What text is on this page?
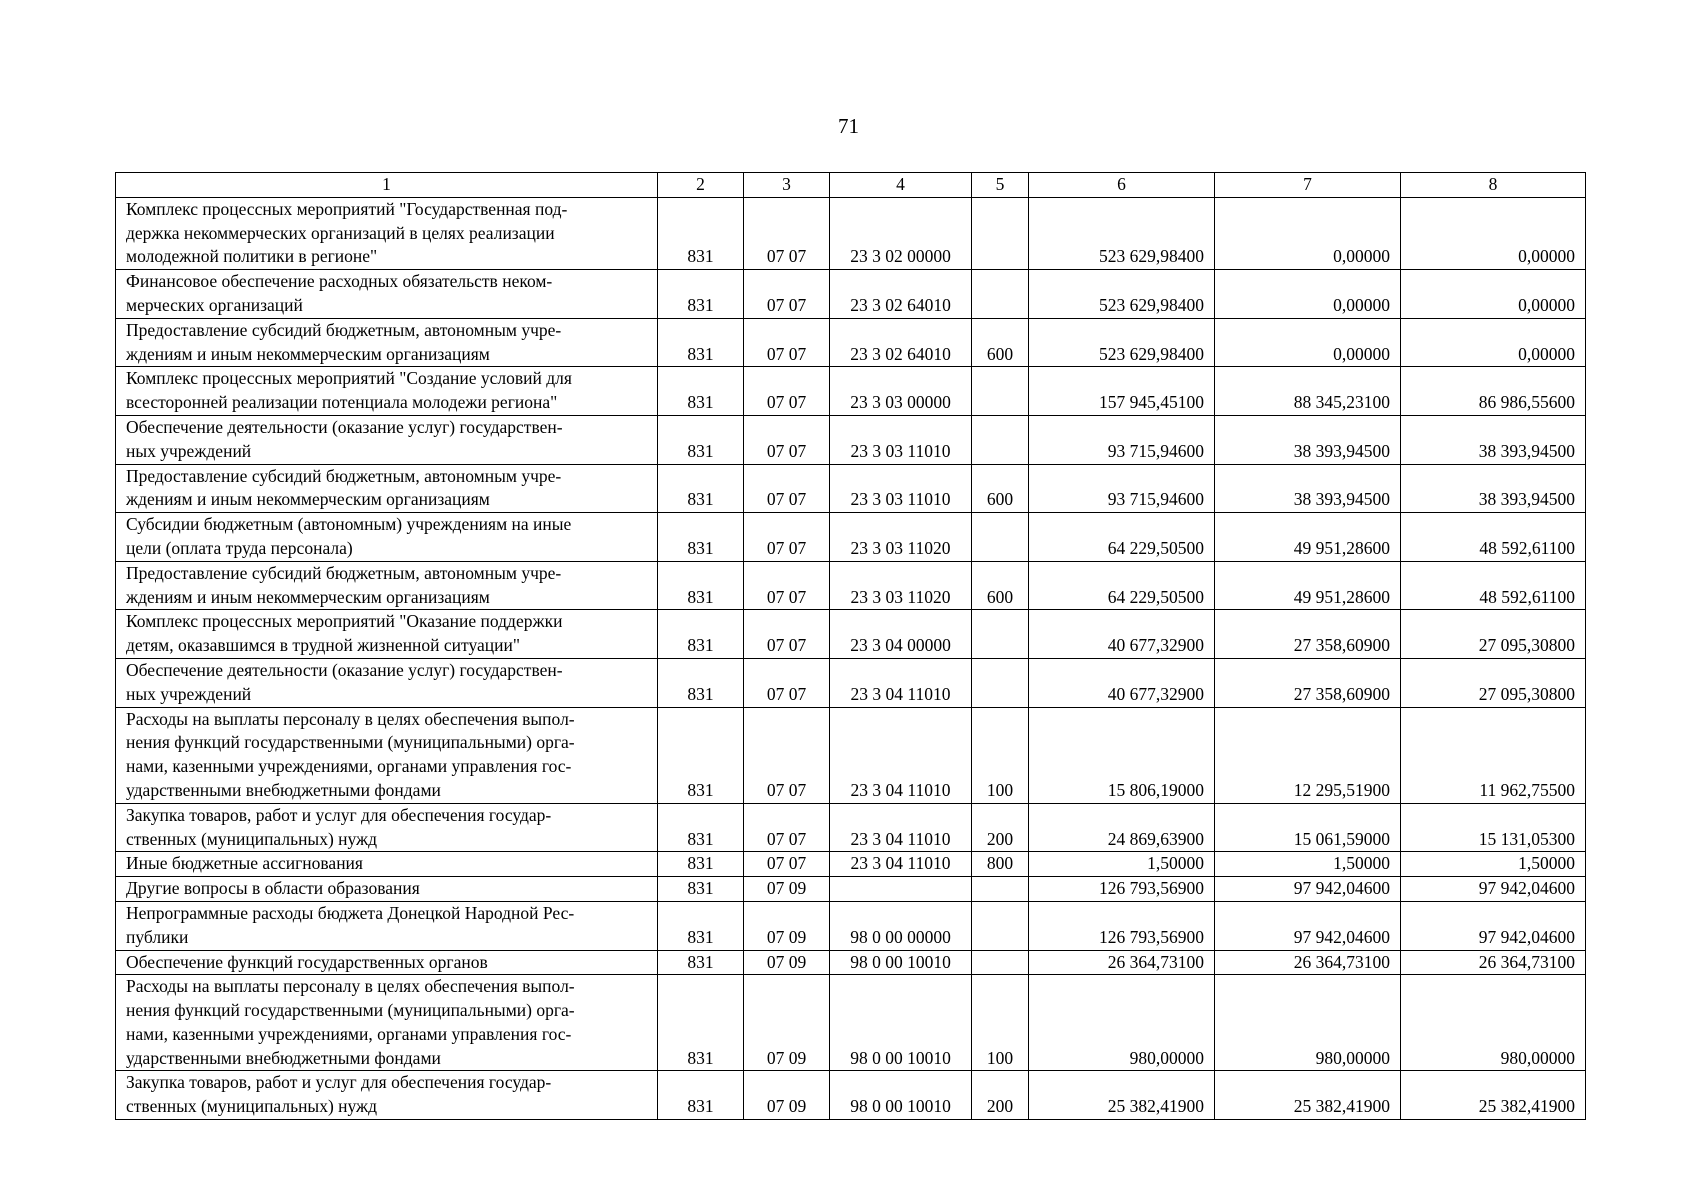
71
1	2	3	4	5	6	7	8
Комплекс процессных мероприятий "Государственная под-
держка некоммерческих организаций в целях реализации
молодежной политики в регионе"	831	07 07	23 3 02 00000		523 629,98400	0,00000	0,00000
Финансовое обеспечение расходных обязательств неком-
мерческих организаций	831	07 07	23 3 02 64010		523 629,98400	0,00000	0,00000
Предоставление субсидий бюджетным, автономным учре-
ждениям и иным некоммерческим организациям	831	07 07	23 3 02 64010	600	523 629,98400	0,00000	0,00000
Комплекс процессных мероприятий "Создание условий для
всесторонней реализации потенциала молодежи региона"	831	07 07	23 3 03 00000		157 945,45100	88 345,23100	86 986,55600
Обеспечение деятельности (оказание услуг) государствен-
ных учреждений	831	07 07	23 3 03 11010		93 715,94600	38 393,94500	38 393,94500
Предоставление субсидий бюджетным, автономным учре-
ждениям и иным некоммерческим организациям	831	07 07	23 3 03 11010	600	93 715,94600	38 393,94500	38 393,94500
Субсидии бюджетным (автономным) учреждениям на иные
цели (оплата труда персонала)	831	07 07	23 3 03 11020		64 229,50500	49 951,28600	48 592,61100
Предоставление субсидий бюджетным, автономным учре-
ждениям и иным некоммерческим организациям	831	07 07	23 3 03 11020	600	64 229,50500	49 951,28600	48 592,61100
Комплекс процессных мероприятий "Оказание поддержки
детям, оказавшимся в трудной жизненной ситуации"	831	07 07	23 3 04 00000		40 677,32900	27 358,60900	27 095,30800
Обеспечение деятельности (оказание услуг) государствен-
ных учреждений	831	07 07	23 3 04 11010		40 677,32900	27 358,60900	27 095,30800
Расходы на выплаты персоналу в целях обеспечения выпол-
нения функций государственными (муниципальными) орга-
нами, казенными учреждениями, органами управления гос-
ударственными внебюджетными фондами	831	07 07	23 3 04 11010	100	15 806,19000	12 295,51900	11 962,75500
Закупка товаров, работ и услуг для обеспечения государ-
ственных (муниципальных) нужд	831	07 07	23 3 04 11010	200	24 869,63900	15 061,59000	15 131,05300
Иные бюджетные ассигнования	831	07 07	23 3 04 11010	800	1,50000	1,50000	1,50000
Другие вопросы в области образования	831	07 09			126 793,56900	97 942,04600	97 942,04600
Непрограммные расходы бюджета Донецкой Народной Рес-
публики	831	07 09	98 0 00 00000		126 793,56900	97 942,04600	97 942,04600
Обеспечение функций государственных органов	831	07 09	98 0 00 10010		26 364,73100	26 364,73100	26 364,73100
Расходы на выплаты персоналу в целях обеспечения выпол-
нения функций государственными (муниципальными) орга-
нами, казенными учреждениями, органами управления гос-
ударственными внебюджетными фондами	831	07 09	98 0 00 10010	100	980,00000	980,00000	980,00000
Закупка товаров, работ и услуг для обеспечения государ-
ственных (муниципальных) нужд	831	07 09	98 0 00 10010	200	25 382,41900	25 382,41900	25 382,41900
